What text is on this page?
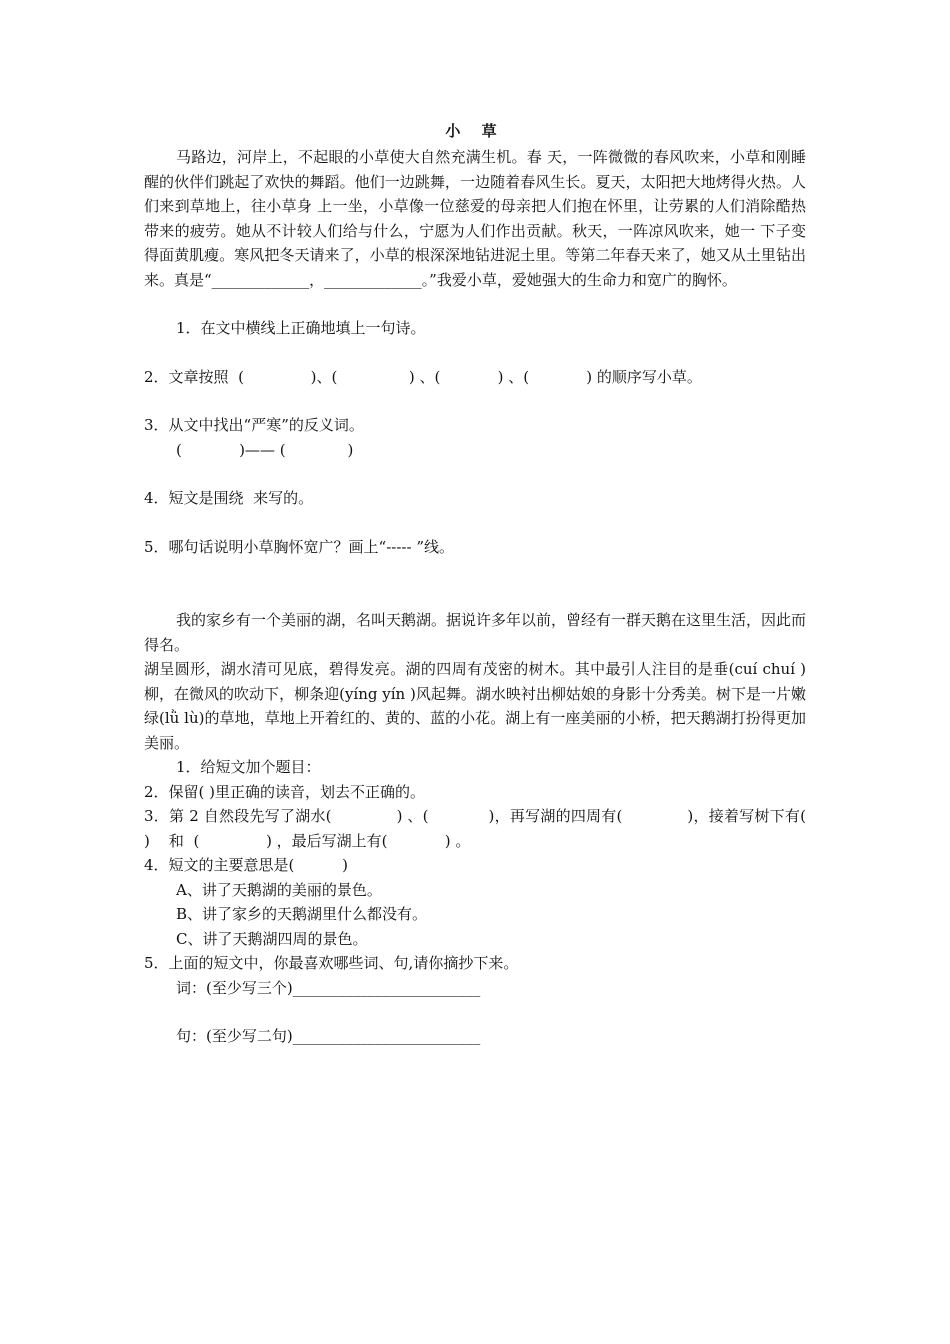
小 草

马路边，河岸上，不起眼的小草使大自然充满生机。春 天，一阵微微的春风吹来，小草和刚睡醒的伙伴们跳起了欢快的舞蹈。他们一边跳舞，一边随着春风生长。夏天，太阳把大地烤得火热。人们来到草地上，往小草身 上一坐，小草像一位慈爱的母亲把人们抱在怀里，让劳累的人们消除酷热带来的疲劳。她从不计较人们给与什么，宁愿为人们作出贡献。秋天，一阵凉风吹来，她一 下子变得面黄肌瘦。寒风把冬天请来了，小草的根深深地钻进泥土里。等第二年春天来了，她又从土里钻出来。真是“_____________，_____________。”我爱小草，爱她强大的生命力和宽广的胸怀。

1．在文中横线上正确地填上一句诗。

2．文章按照  (              )、(               ) 、(            ) 、(            ) 的顺序写小草。

3．从文中找出“严寒”的反义词。

(            )—— (             )

4．短文是围绕  来写的。

5．哪句话说明小草胸怀宽广？画上“----- ”线。

我的家乡有一个美丽的湖，名叫天鹅湖。据说许多年以前，曾经有一群天鹅在这里生活，因此而得名。

湖呈圆形，湖水清可见底，碧得发亮。湖的四周有茂密的树木。其中最引人注目的是垂(cuí chuí )柳，在微风的吹动下，柳条迎(yíng yín )风起舞。湖水映衬出柳姑娘的身影十分秀美。树下是一片嫩绿(lǜ lù)的草地，草地上开着红的、黄的、蓝的小花。湖上有一座美丽的小桥，把天鹅湖打扮得更加美丽。

1．给短文加个题目：

2．保留( )里正确的读音，划去不正确的。

3．第 2 自然段先写了湖水(             ) 、(            )，再写湖的四周有(             )，接着写树下有(                 )    和  (              ) ，最后写湖上有(            ) 。

4．短文的主要意思是(          )

A、讲了天鹅湖的美丽的景色。

B、讲了家乡的天鹅湖里什么都没有。

C、讲了天鹅湖四周的景色。

5．上面的短文中，你最喜欢哪些词、句,请你摘抄下来。

词：(至少写三个)_________________________

句：(至少写二句)_________________________
